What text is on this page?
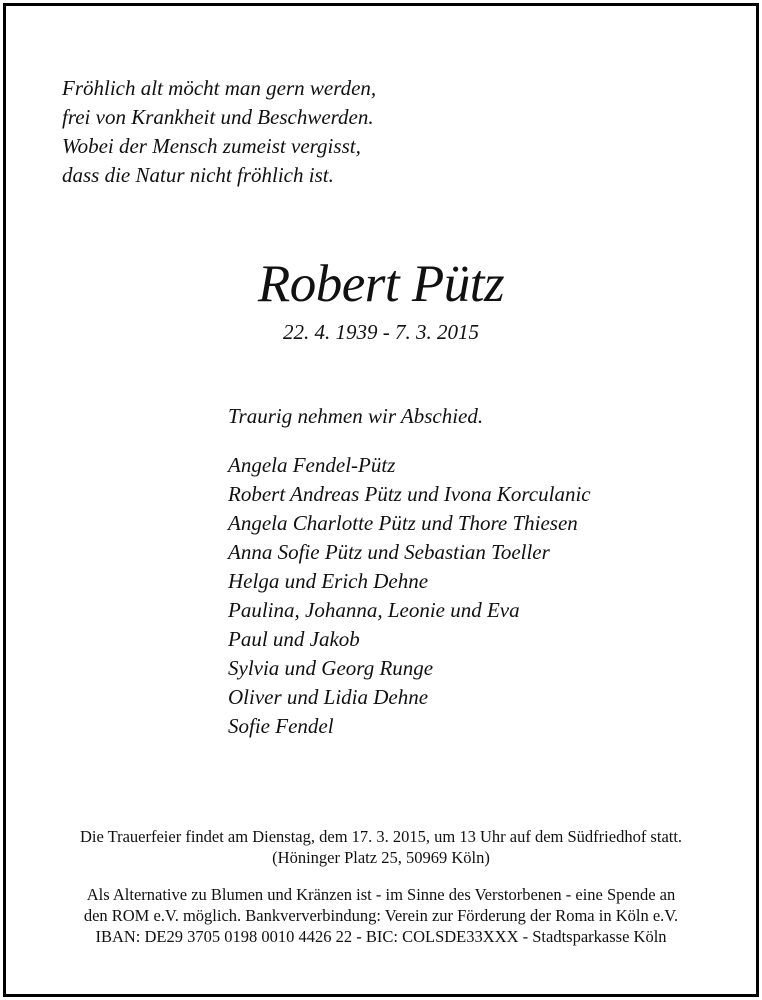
Fröhlich alt möcht man gern werden,
frei von Krankheit und Beschwerden.
Wobei der Mensch zumeist vergisst,
dass die Natur nicht fröhlich ist.
Robert Pütz
22. 4. 1939 - 7. 3. 2015
Traurig nehmen wir Abschied.
Angela Fendel-Pütz
Robert Andreas Pütz und Ivona Korculanic
Angela Charlotte Pütz und Thore Thiesen
Anna Sofie Pütz und Sebastian Toeller
Helga und Erich Dehne
Paulina, Johanna, Leonie und Eva
Paul und Jakob
Sylvia und Georg Runge
Oliver und Lidia Dehne
Sofie Fendel
Die Trauerfeier findet am Dienstag, dem 17. 3. 2015, um 13 Uhr auf dem Südfriedhof statt.
(Höninger Platz 25, 50969 Köln)
Als Alternative zu Blumen und Kränzen ist - im Sinne des Verstorbenen - eine Spende an
den ROM e.V. möglich. Bankververbindung: Verein zur Förderung der Roma in Köln e.V.
IBAN: DE29 3705 0198 0010 4426 22 - BIC: COLSDE33XXX - Stadtsparkasse Köln
